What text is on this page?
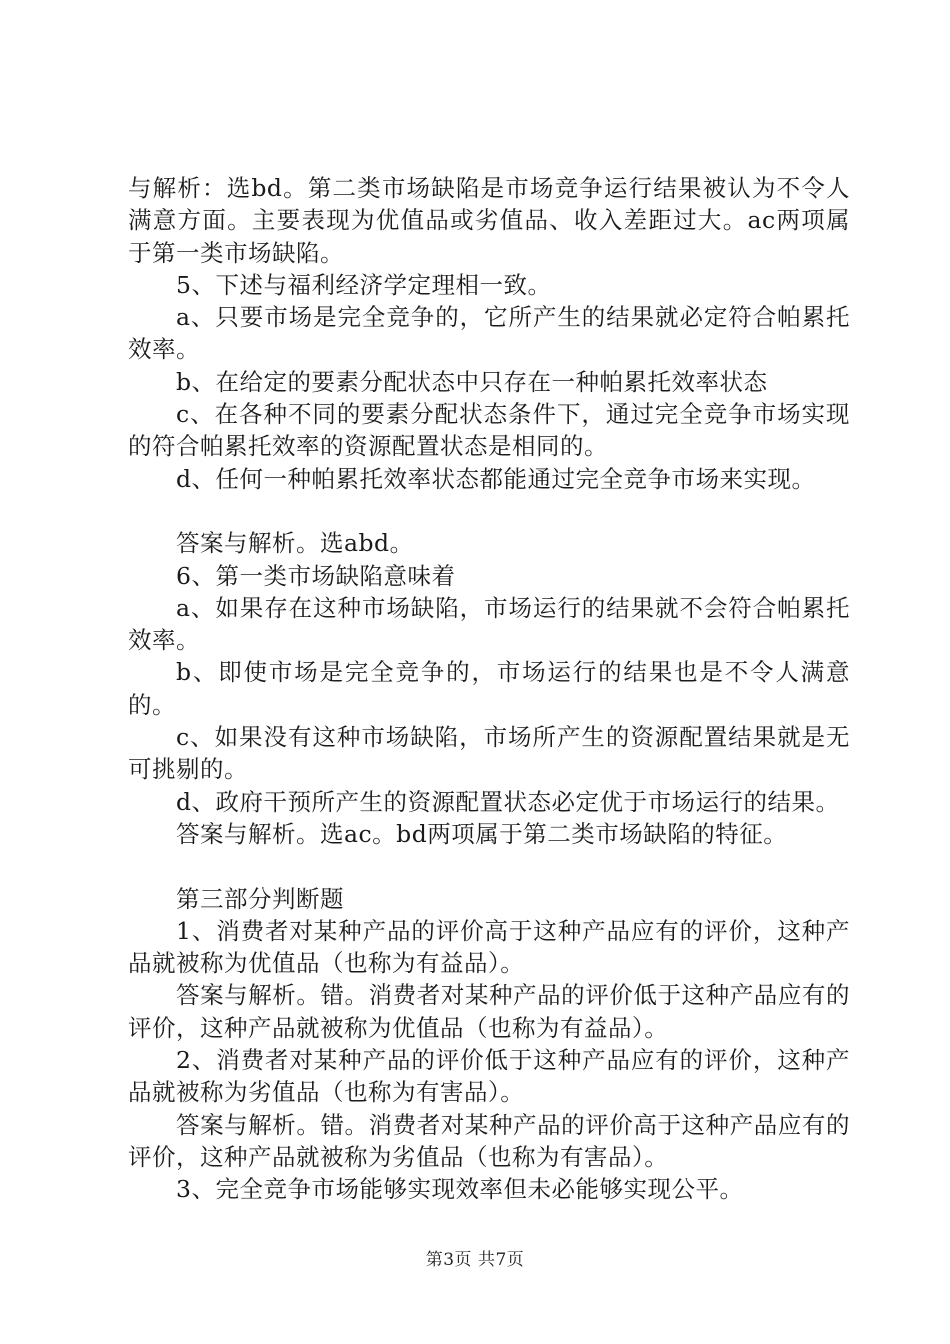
与解析：选bd。第二类市场缺陷是市场竞争运行结果被认为不令人满意方面。主要表现为优值品或劣值品、收入差距过大。ac两项属于第一类市场缺陷。

5、下述与福利经济学定理相一致。

a、只要市场是完全竞争的，它所产生的结果就必定符合帕累托效率。

b、在给定的要素分配状态中只存在一种帕累托效率状态

c、在各种不同的要素分配状态条件下，通过完全竞争市场实现的符合帕累托效率的资源配置状态是相同的。

d、任何一种帕累托效率状态都能通过完全竞争市场来实现。

答案与解析。选abd。

6、第一类市场缺陷意味着

a、如果存在这种市场缺陷，市场运行的结果就不会符合帕累托效率。

b、即使市场是完全竞争的，市场运行的结果也是不令人满意的。

c、如果没有这种市场缺陷，市场所产生的资源配置结果就是无可挑剔的。

d、政府干预所产生的资源配置状态必定优于市场运行的结果。

答案与解析。选ac。bd两项属于第二类市场缺陷的特征。

第三部分判断题

1、消费者对某种产品的评价高于这种产品应有的评价，这种产品就被称为优值品（也称为有益品）。

答案与解析。错。消费者对某种产品的评价低于这种产品应有的评价，这种产品就被称为优值品（也称为有益品）。

2、消费者对某种产品的评价低于这种产品应有的评价，这种产品就被称为劣值品（也称为有害品）。

答案与解析。错。消费者对某种产品的评价高于这种产品应有的评价，这种产品就被称为劣值品（也称为有害品）。

3、完全竞争市场能够实现效率但未必能够实现公平。

第3页 共7页
